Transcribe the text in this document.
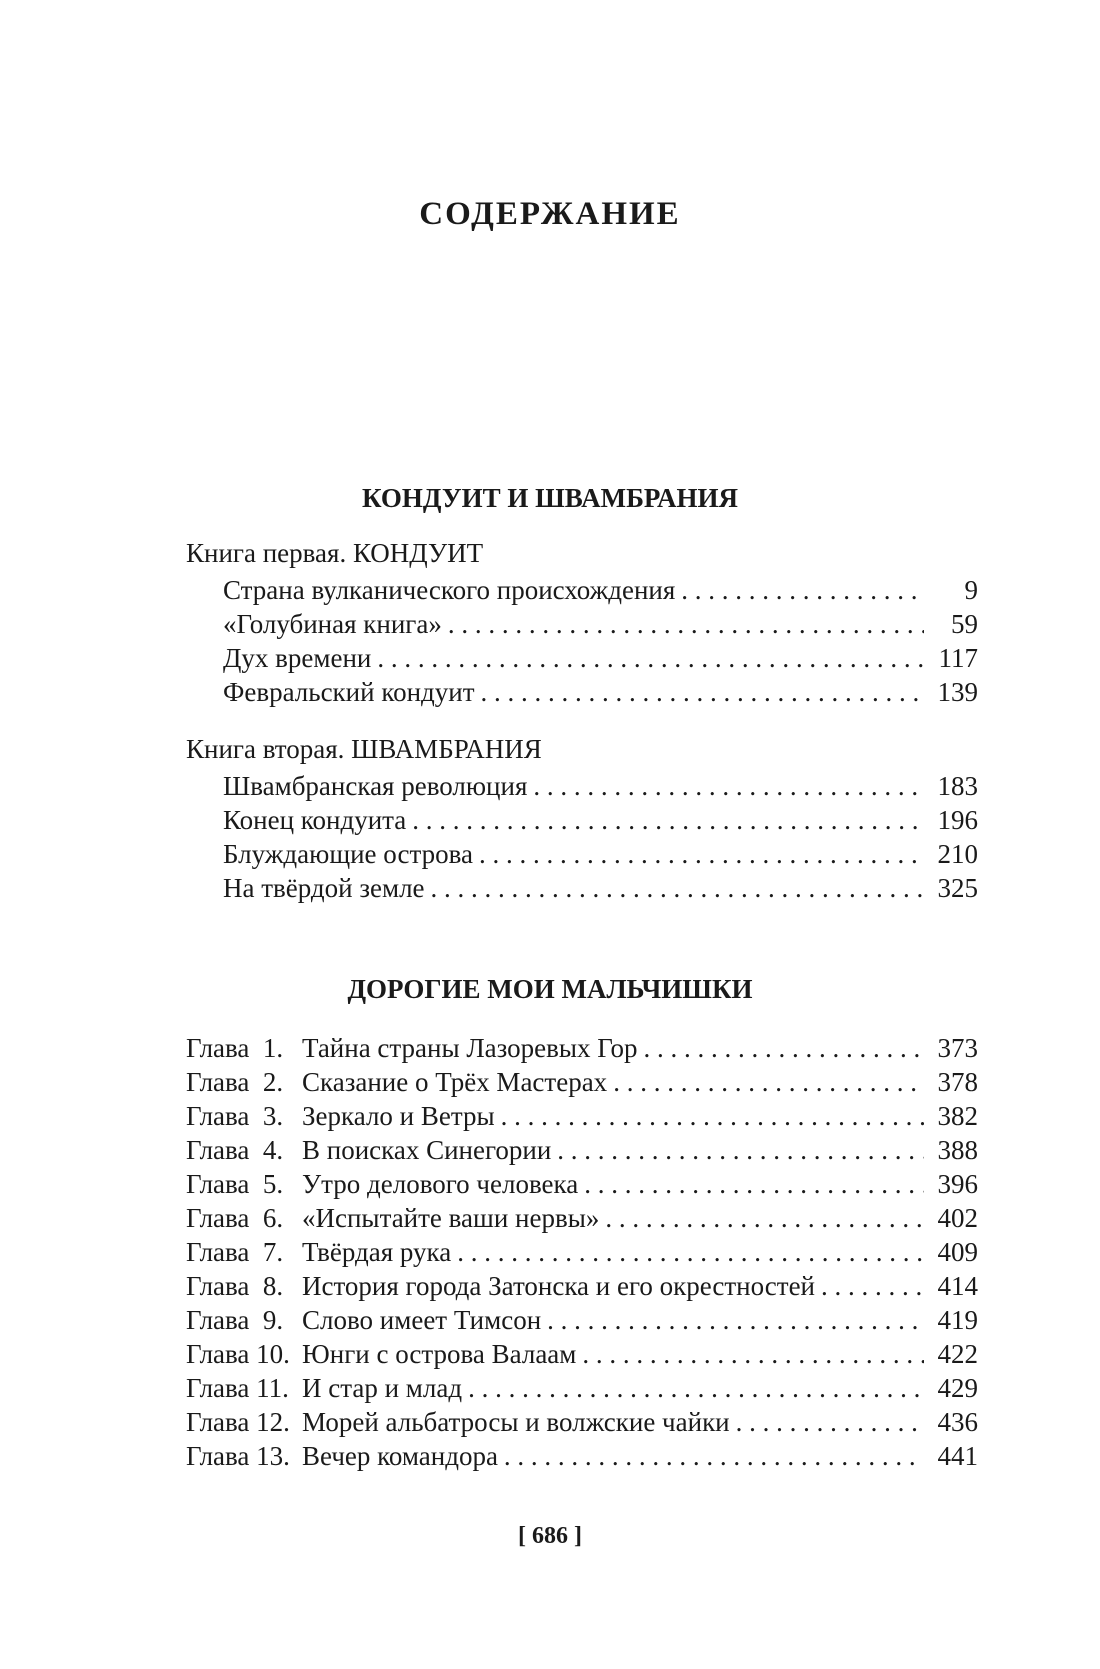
СОДЕРЖАНИЕ
КОНДУИТ И ШВАМБРАНИЯ
Книга первая. КОНДУИТ
Страна вулканического происхождения . . .	9
«Голубиная книга» . . .	59
Дух времени . . .	117
Февральский кондуит . . .	139
Книга вторая. ШВАМБРАНИЯ
Швамбранская революция . . .	183
Конец кондуита . . .	196
Блуждающие острова . . .	210
На твёрдой земле . . .	325
ДОРОГИЕ МОИ МАЛЬЧИШКИ
Глава  1. Тайна страны Лазоревых Гор . . .	373
Глава  2. Сказание о Трёх Мастерах . . .	378
Глава  3. Зеркало и Ветры . . .	382
Глава  4. В поисках Синегории . . .	388
Глава  5. Утро делового человека . . .	396
Глава  6. «Испытайте ваши нервы» . . .	402
Глава  7. Твёрдая рука . . .	409
Глава  8. История города Затонска и его окрестностей . . .	414
Глава  9. Слово имеет Тимсон . . .	419
Глава 10. Юнги с острова Валаам . . .	422
Глава 11. И стар и млад . . .	429
Глава 12. Морей альбатросы и волжские чайки . . .	436
Глава 13. Вечер командора . . .	441
[ 686 ]
